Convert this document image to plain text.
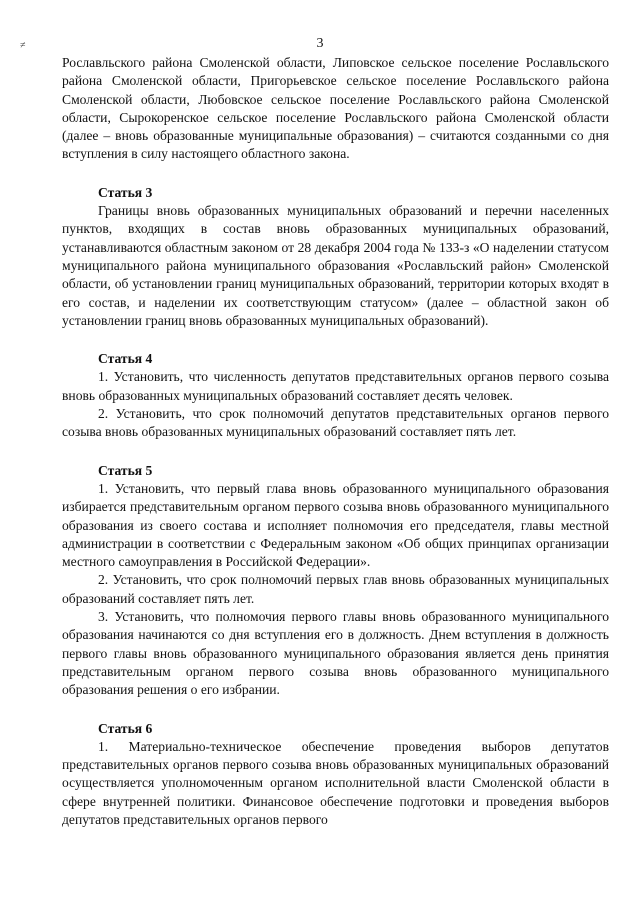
≠	3

Рославльского района Смоленской области, Липовское сельское поселение Рославльского района Смоленской области, Пригорьевское сельское поселение Рославльского района Смоленской области, Любовское сельское поселение Рославльского района Смоленской области, Сырокоренское сельское поселение Рославльского района Смоленской области (далее – вновь образованные муниципальные образования) – считаются созданными со дня вступления в силу настоящего областного закона.

Статья 3

Границы вновь образованных муниципальных образований и перечни населенных пунктов, входящих в состав вновь образованных муниципальных образований, устанавливаются областным законом от 28 декабря 2004 года № 133-з «О наделении статусом муниципального района муниципального образования «Рославльский район» Смоленской области, об установлении границ муниципальных образований, территории которых входят в его состав, и наделении их соответствующим статусом» (далее – областной закон об установлении границ вновь образованных муниципальных образований).

Статья 4

1. Установить, что численность депутатов представительных органов первого созыва вновь образованных муниципальных образований составляет десять человек.

2. Установить, что срок полномочий депутатов представительных органов первого созыва вновь образованных муниципальных образований составляет пять лет.

Статья 5

1. Установить, что первый глава вновь образованного муниципального образования избирается представительным органом первого созыва вновь образованного муниципального образования из своего состава и исполняет полномочия его председателя, главы местной администрации в соответствии с Федеральным законом «Об общих принципах организации местного самоуправления в Российской Федерации».

2. Установить, что срок полномочий первых глав вновь образованных муниципальных образований составляет пять лет.

3. Установить, что полномочия первого главы вновь образованного муниципального образования начинаются со дня вступления его в должность. Днем вступления в должность первого главы вновь образованного муниципального образования является день принятия представительным органом первого созыва вновь образованного муниципального образования решения о его избрании.

Статья 6

1. Материально-техническое обеспечение проведения выборов депутатов представительных органов первого созыва вновь образованных муниципальных образований осуществляется уполномоченным органом исполнительной власти Смоленской области в сфере внутренней политики. Финансовое обеспечение подготовки и проведения выборов депутатов представительных органов первого
